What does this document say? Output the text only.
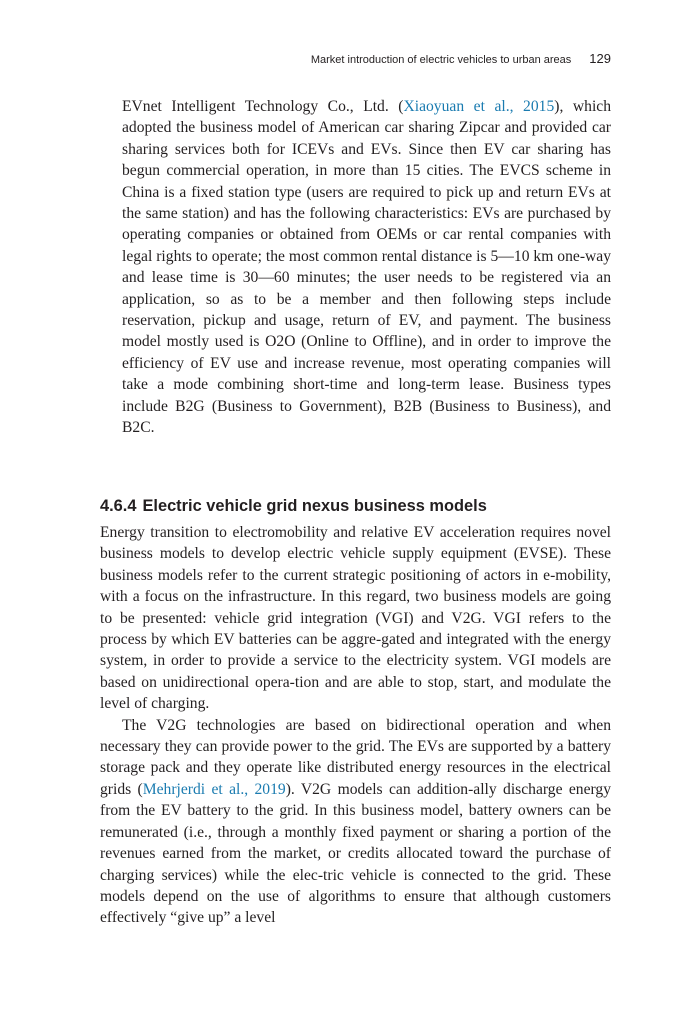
Market introduction of electric vehicles to urban areas 129

EVnet Intelligent Technology Co., Ltd. (Xiaoyuan et al., 2015), which adopted the business model of American car sharing Zipcar and provided car sharing services both for ICEVs and EVs. Since then EV car sharing has begun commercial operation, in more than 15 cities. The EVCS scheme in China is a fixed station type (users are required to pick up and return EVs at the same station) and has the following characteristics: EVs are purchased by operating companies or obtained from OEMs or car rental companies with legal rights to operate; the most common rental distance is 5—10 km one-way and lease time is 30—60 minutes; the user needs to be registered via an application, so as to be a member and then following steps include reservation, pickup and usage, return of EV, and payment. The business model mostly used is O2O (Online to Offline), and in order to improve the efficiency of EV use and increase revenue, most operating companies will take a mode combining short-time and long-term lease. Business types include B2G (Business to Government), B2B (Business to Business), and B2C.

4.6.4 Electric vehicle grid nexus business models

Energy transition to electromobility and relative EV acceleration requires novel business models to develop electric vehicle supply equipment (EVSE). These business models refer to the current strategic positioning of actors in e-mobility, with a focus on the infrastructure. In this regard, two business models are going to be presented: vehicle grid integration (VGI) and V2G. VGI refers to the process by which EV batteries can be aggre-gated and integrated with the energy system, in order to provide a service to the electricity system. VGI models are based on unidirectional opera-tion and are able to stop, start, and modulate the level of charging.

The V2G technologies are based on bidirectional operation and when necessary they can provide power to the grid. The EVs are supported by a battery storage pack and they operate like distributed energy resources in the electrical grids (Mehrjerdi et al., 2019). V2G models can addition-ally discharge energy from the EV battery to the grid. In this business model, battery owners can be remunerated (i.e., through a monthly fixed payment or sharing a portion of the revenues earned from the market, or credits allocated toward the purchase of charging services) while the elec-tric vehicle is connected to the grid. These models depend on the use of algorithms to ensure that although customers effectively “give up” a level
